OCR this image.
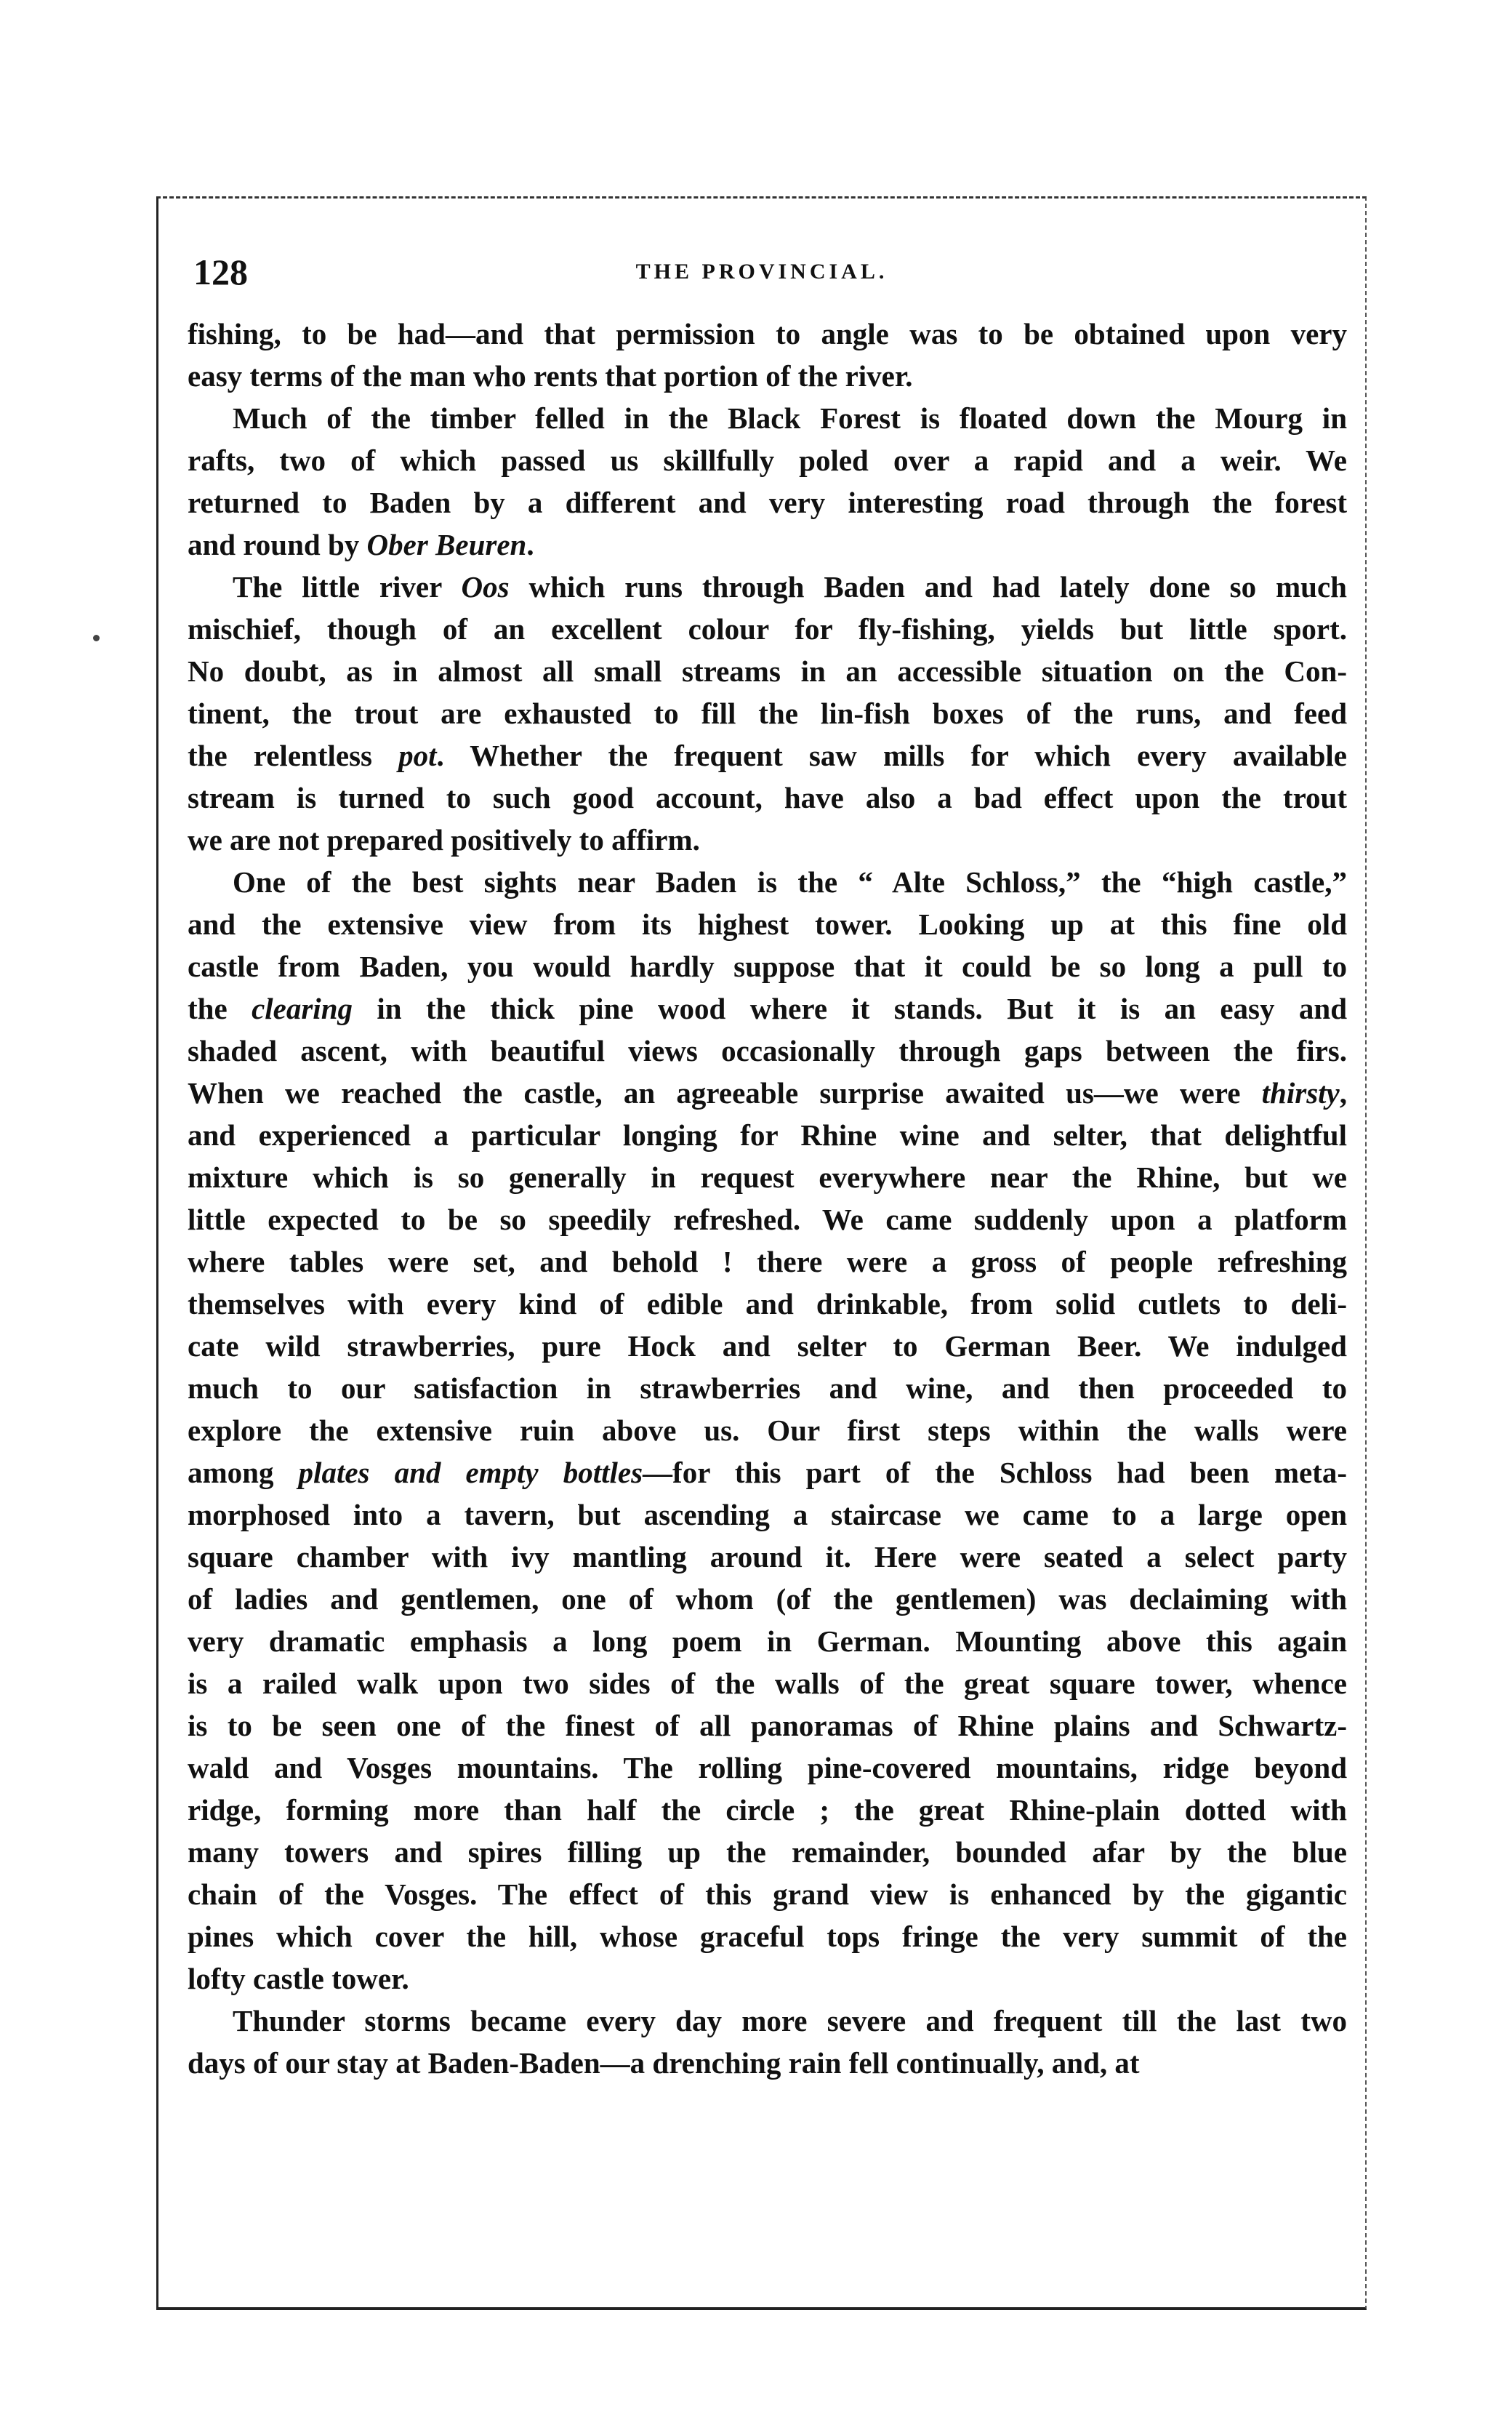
128	THE PROVINCIAL.

fishing, to be had—and that permission to angle was to be obtained upon very

easy terms of the man who rents that portion of the river.

Much of the timber felled in the Black Forest is floated down the Mourg in

rafts, two of which passed us skillfully poled over a rapid and a weir. We

returned to Baden by a different and very interesting road through the forest

and round by Ober Beuren.

The little river Oos which runs through Baden and had lately done so much

mischief, though of an excellent colour for fly-fishing, yields but little sport.

No doubt, as in almost all small streams in an accessible situation on the Con-

tinent, the trout are exhausted to fill the lin-fish boxes of the runs, and feed

the relentless pot. Whether the frequent saw mills for which every available

stream is turned to such good account, have also a bad effect upon the trout

we are not prepared positively to affirm.

One of the best sights near Baden is the “ Alte Schloss,” the “high castle,”

and the extensive view from its highest tower. Looking up at this fine old

castle from Baden, you would hardly suppose that it could be so long a pull to

the clearing in the thick pine wood where it stands. But it is an easy and

shaded ascent, with beautiful views occasionally through gaps between the firs.

When we reached the castle, an agreeable surprise awaited us—we were thirsty,

and experienced a particular longing for Rhine wine and selter, that delightful

mixture which is so generally in request everywhere near the Rhine, but we

little expected to be so speedily refreshed. We came suddenly upon a platform

where tables were set, and behold ! there were a gross of people refreshing

themselves with every kind of edible and drinkable, from solid cutlets to deli-

cate wild strawberries, pure Hock and selter to German Beer. We indulged

much to our satisfaction in strawberries and wine, and then proceeded to

explore the extensive ruin above us. Our first steps within the walls were

among plates and empty bottles—for this part of the Schloss had been meta-

morphosed into a tavern, but ascending a staircase we came to a large open

square chamber with ivy mantling around it. Here were seated a select party

of ladies and gentlemen, one of whom (of the gentlemen) was declaiming with

very dramatic emphasis a long poem in German. Mounting above this again

is a railed walk upon two sides of the walls of the great square tower, whence

is to be seen one of the finest of all panoramas of Rhine plains and Schwartz-

wald and Vosges mountains. The rolling pine-covered mountains, ridge beyond

ridge, forming more than half the circle ; the great Rhine-plain dotted with

many towers and spires filling up the remainder, bounded afar by the blue

chain of the Vosges. The effect of this grand view is enhanced by the gigantic

pines which cover the hill, whose graceful tops fringe the very summit of the

lofty castle tower.

Thunder storms became every day more severe and frequent till the last two

days of our stay at Baden-Baden—a drenching rain fell continually, and, at
